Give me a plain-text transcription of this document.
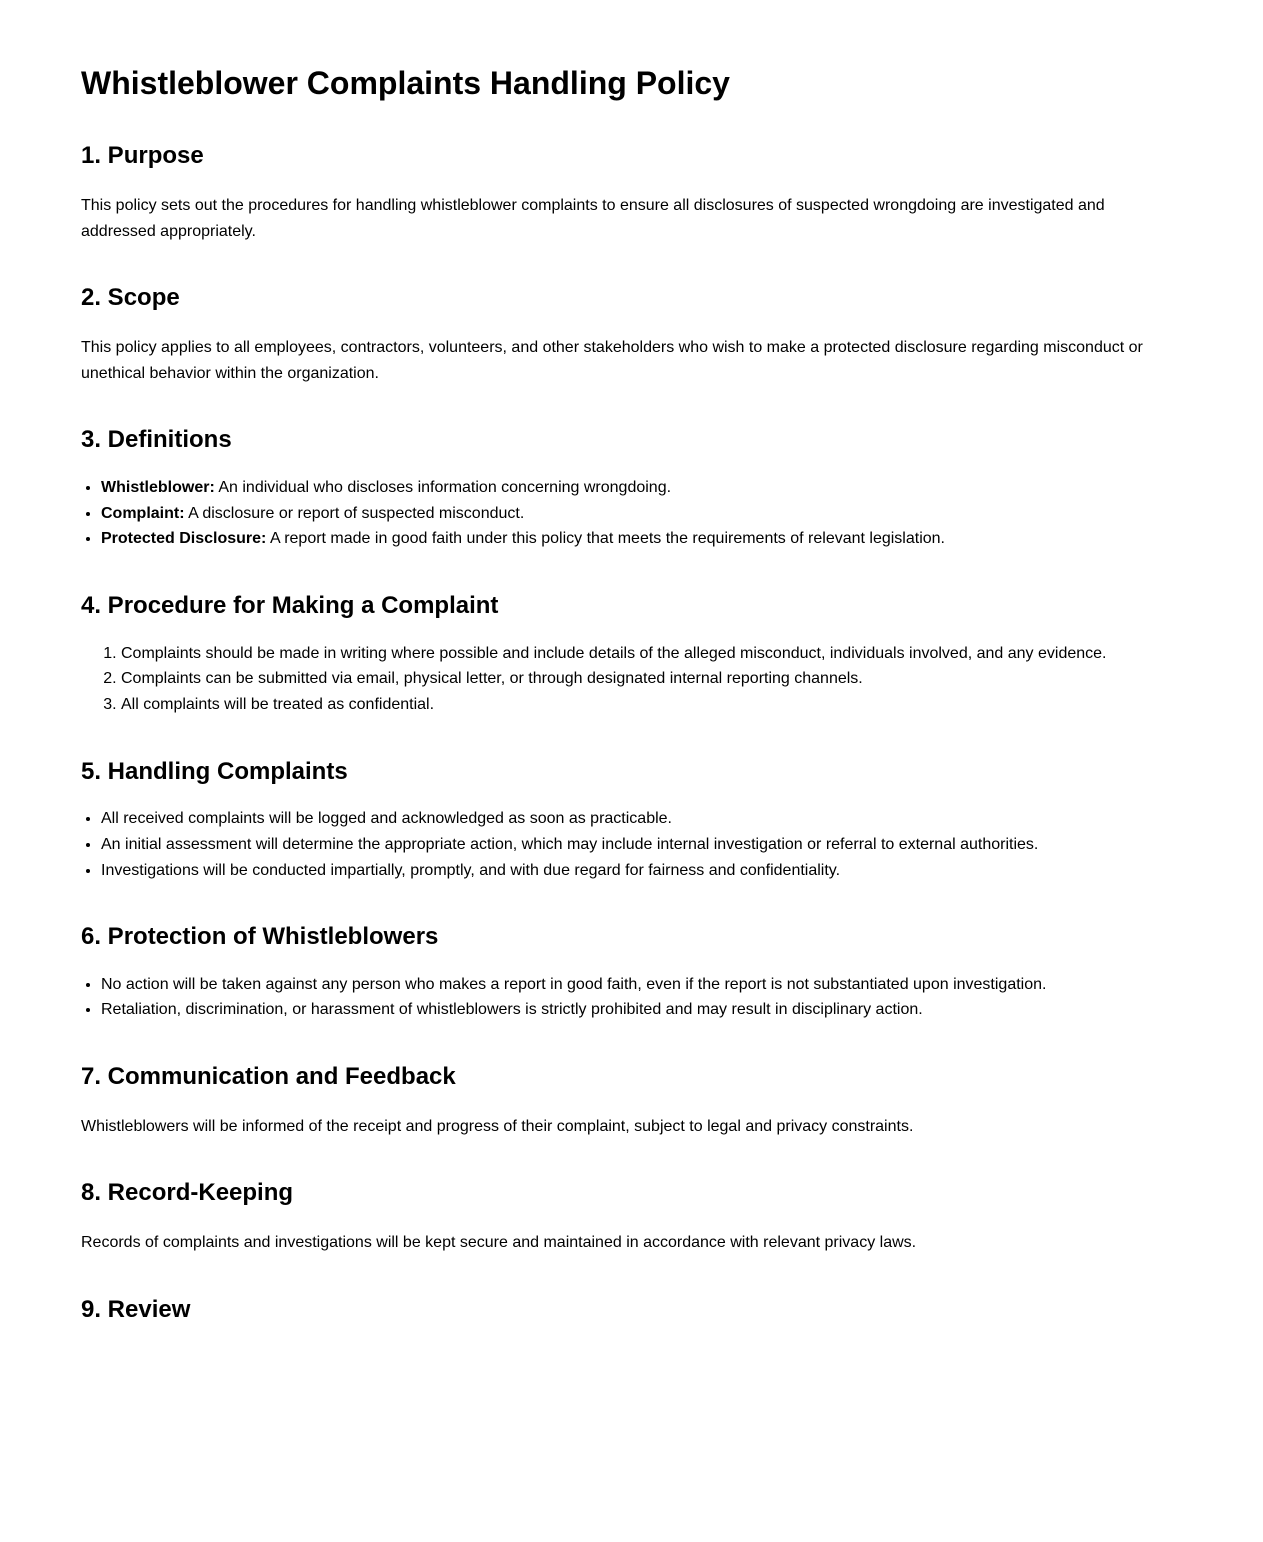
Whistleblower Complaints Handling Policy
1. Purpose

This policy sets out the procedures for handling whistleblower complaints to ensure all disclosures of suspected wrongdoing are investigated and addressed appropriately.

2. Scope

This policy applies to all employees, contractors, volunteers, and other stakeholders who wish to make a protected disclosure regarding misconduct or unethical behavior within the organization.

3. Definitions
• Whistleblower: An individual who discloses information concerning wrongdoing.
• Complaint: A disclosure or report of suspected misconduct.
• Protected Disclosure: A report made in good faith under this policy that meets the requirements of relevant legislation.
4. Procedure for Making a Complaint
1. Complaints should be made in writing where possible and include details of the alleged misconduct, individuals involved, and any evidence.
2. Complaints can be submitted via email, physical letter, or through designated internal reporting channels.
3. All complaints will be treated as confidential.
5. Handling Complaints
• All received complaints will be logged and acknowledged as soon as practicable.
• An initial assessment will determine the appropriate action, which may include internal investigation or referral to external authorities.
• Investigations will be conducted impartially, promptly, and with due regard for fairness and confidentiality.
6. Protection of Whistleblowers
• No action will be taken against any person who makes a report in good faith, even if the report is not substantiated upon investigation.
• Retaliation, discrimination, or harassment of whistleblowers is strictly prohibited and may result in disciplinary action.
7. Communication and Feedback

Whistleblowers will be informed of the receipt and progress of their complaint, subject to legal and privacy constraints.

8. Record-Keeping

Records of complaints and investigations will be kept secure and maintained in accordance with relevant privacy laws.

9. Review
